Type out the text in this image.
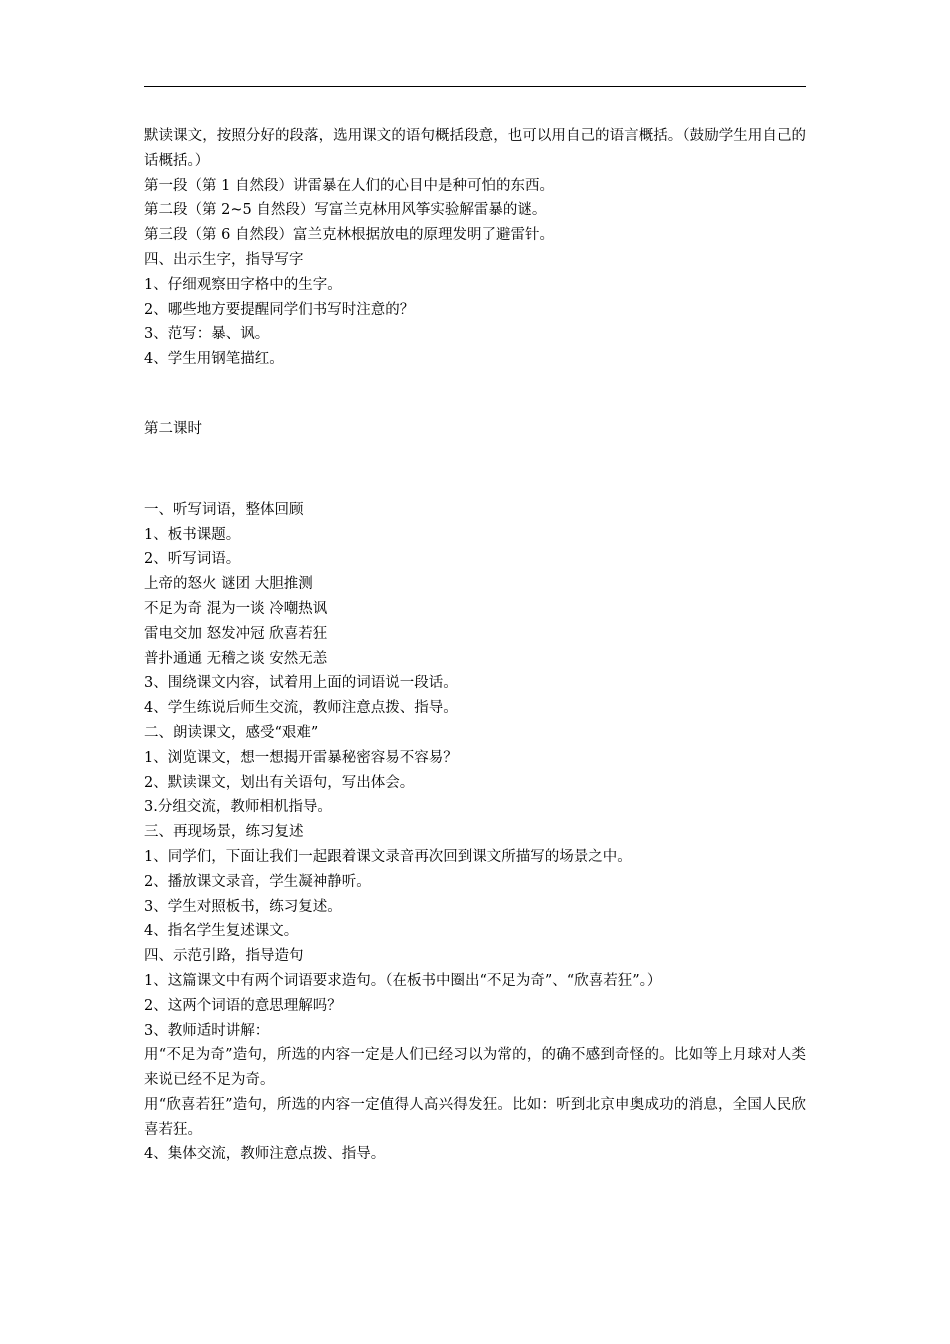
默读课文，按照分好的段落，选用课文的语句概括段意，也可以用自己的语言概括。（鼓励学生用自己的话概括。）
第一段（第 1 自然段）讲雷暴在人们的心目中是种可怕的东西。
第二段（第 2~5 自然段）写富兰克林用风筝实验解雷暴的谜。
第三段（第 6 自然段）富兰克林根据放电的原理发明了避雷针。
四、出示生字，指导写字
1、仔细观察田字格中的生字。
2、哪些地方要提醒同学们书写时注意的？
3、范写：暴、讽。
4、学生用钢笔描红。
第二课时
一、听写词语，整体回顾
1、板书课题。
2、听写词语。
上帝的怒火 谜团 大胆推测
不足为奇 混为一谈 冷嘲热讽
雷电交加 怒发冲冠 欣喜若狂
普扑通通 无稽之谈 安然无恙
3、围绕课文内容，试着用上面的词语说一段话。
4、学生练说后师生交流，教师注意点拨、指导。
二、朗读课文，感受“艰难”
1、浏览课文，想一想揭开雷暴秘密容易不容易？
2、默读课文，划出有关语句，写出体会。
3.分组交流，教师相机指导。
三、再现场景，练习复述
1、同学们，下面让我们一起跟着课文录音再次回到课文所描写的场景之中。
2、播放课文录音，学生凝神静听。
3、学生对照板书，练习复述。
4、指名学生复述课文。
四、示范引路，指导造句
1、这篇课文中有两个词语要求造句。（在板书中圈出“不足为奇”、“欣喜若狂”。）
2、这两个词语的意思理解吗？
3、教师适时讲解：
用“不足为奇”造句，所选的内容一定是人们已经习以为常的，的确不感到奇怪的。比如等上月球对人类来说已经不足为奇。
用“欣喜若狂”造句，所选的内容一定值得人高兴得发狂。比如：听到北京申奥成功的消息，全国人民欣喜若狂。
4、集体交流，教师注意点拨、指导。
